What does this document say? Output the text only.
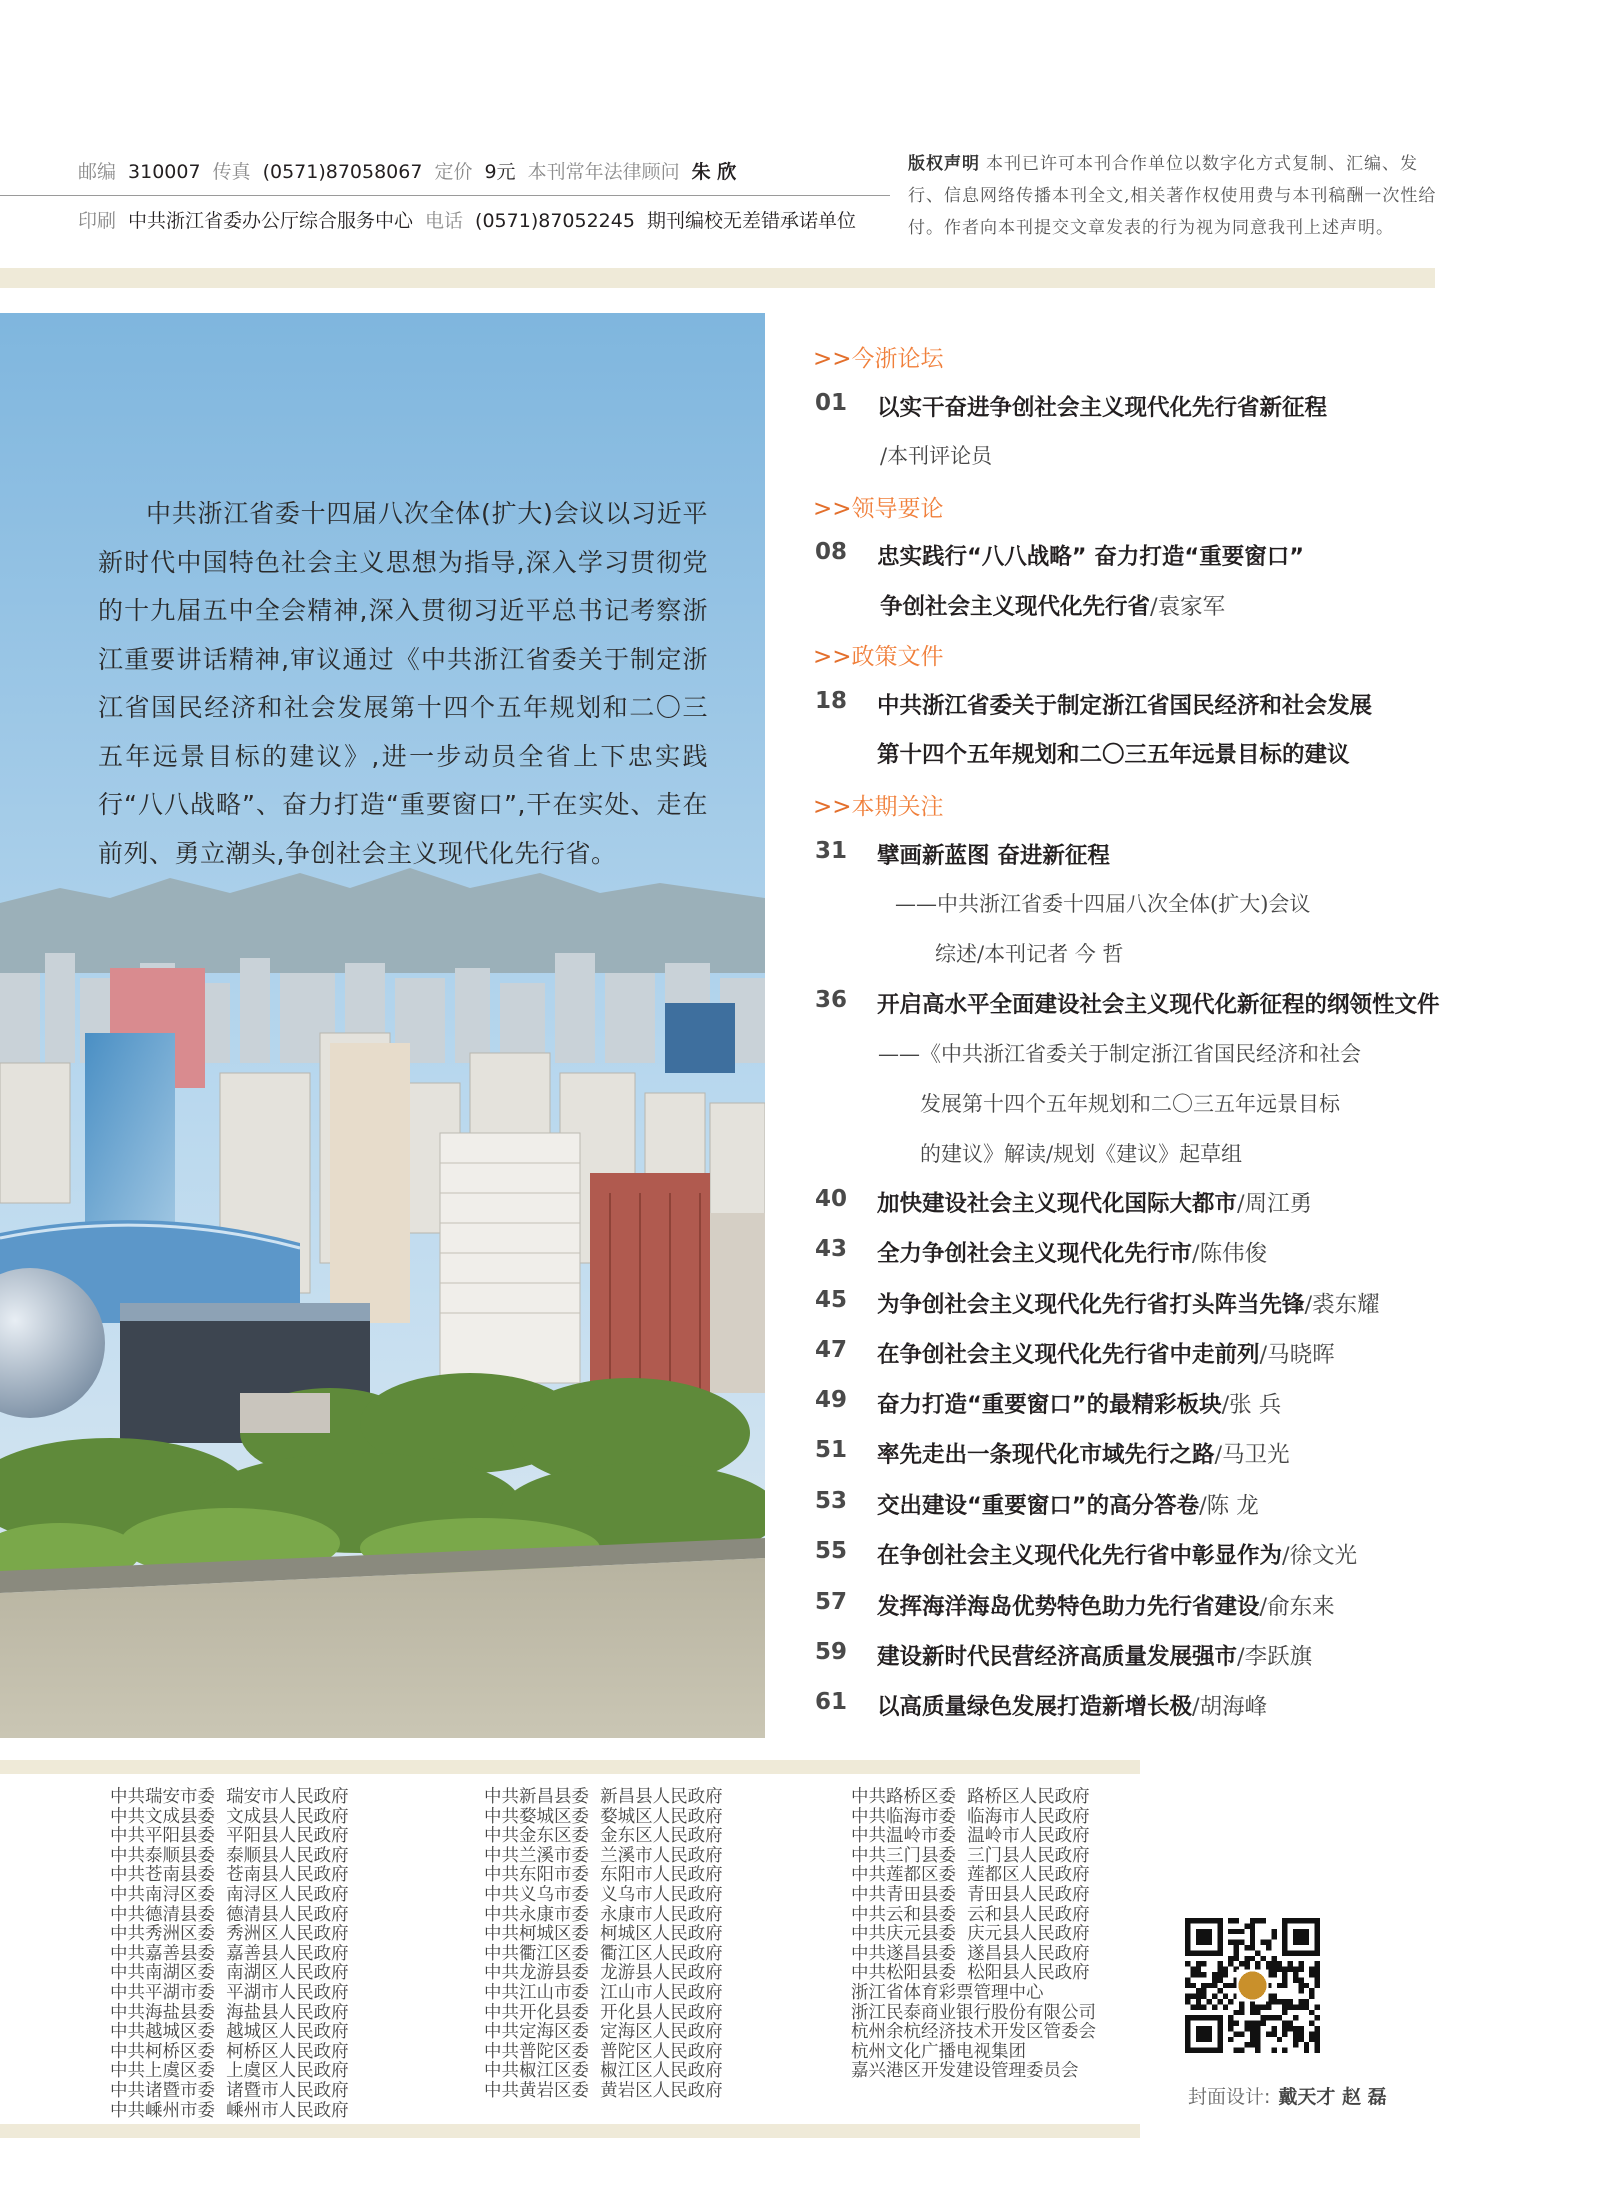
邮编 310007 传真 (0571)87058067 定价 9元 本刊常年法律顾问 朱 欣
印刷 中共浙江省委办公厅综合服务中心 电话 (0571)87052245 期刊编校无差错承诺单位
版权声明 本刊已许可本刊合作单位以数字化方式复制、汇编、发行、信息网络传播本刊全文,相关著作权使用费与本刊稿酬一次性给付。作者向本刊提交文章发表的行为视为同意我刊上述声明。
中共浙江省委十四届八次全体(扩大)会议以习近平新时代中国特色社会主义思想为指导,深入学习贯彻党的十九届五中全会精神,深入贯彻习近平总书记考察浙江重要讲话精神,审议通过《中共浙江省委关于制定浙江省国民经济和社会发展第十四个五年规划和二〇三五年远景目标的建议》,进一步动员全省上下忠实践行“八八战略”、奋力打造“重要窗口”,干在实处、走在前列、勇立潮头,争创社会主义现代化先行省。
>>今浙论坛
01 以实干奋进争创社会主义现代化先行省新征程
/本刊评论员
>>领导要论
08 忠实践行“八八战略” 奋力打造“重要窗口”
争创社会主义现代化先行省/袁家军
>>政策文件
18 中共浙江省委关于制定浙江省国民经济和社会发展
第十四个五年规划和二〇三五年远景目标的建议
>>本期关注
31 擘画新蓝图 奋进新征程
——中共浙江省委十四届八次全体(扩大)会议
综述/本刊记者 今 哲
36 开启高水平全面建设社会主义现代化新征程的纲领性文件
——《中共浙江省委关于制定浙江省国民经济和社会
发展第十四个五年规划和二〇三五年远景目标
的建议》解读/规划《建议》起草组
40 加快建设社会主义现代化国际大都市/周江勇
43 全力争创社会主义现代化先行市/陈伟俊
45 为争创社会主义现代化先行省打头阵当先锋/裘东耀
47 在争创社会主义现代化先行省中走前列/马晓晖
49 奋力打造“重要窗口”的最精彩板块/张 兵
51 率先走出一条现代化市域先行之路/马卫光
53 交出建设“重要窗口”的高分答卷/陈 龙
55 在争创社会主义现代化先行省中彰显作为/徐文光
57 发挥海洋海岛优势特色助力先行省建设/俞东来
59 建设新时代民营经济高质量发展强市/李跃旗
61 以高质量绿色发展打造新增长极/胡海峰
中共瑞安市委  瑞安市人民政府
中共文成县委  文成县人民政府
中共平阳县委  平阳县人民政府
中共泰顺县委  泰顺县人民政府
中共苍南县委  苍南县人民政府
中共南浔区委  南浔区人民政府
中共德清县委  德清县人民政府
中共秀洲区委  秀洲区人民政府
中共嘉善县委  嘉善县人民政府
中共南湖区委  南湖区人民政府
中共平湖市委  平湖市人民政府
中共海盐县委  海盐县人民政府
中共越城区委  越城区人民政府
中共柯桥区委  柯桥区人民政府
中共上虞区委  上虞区人民政府
中共诸暨市委  诸暨市人民政府
中共嵊州市委  嵊州市人民政府
中共新昌县委  新昌县人民政府
中共婺城区委  婺城区人民政府
中共金东区委  金东区人民政府
中共兰溪市委  兰溪市人民政府
中共东阳市委  东阳市人民政府
中共义乌市委  义乌市人民政府
中共永康市委  永康市人民政府
中共柯城区委  柯城区人民政府
中共衢江区委  衢江区人民政府
中共龙游县委  龙游县人民政府
中共江山市委  江山市人民政府
中共开化县委  开化县人民政府
中共定海区委  定海区人民政府
中共普陀区委  普陀区人民政府
中共椒江区委  椒江区人民政府
中共黄岩区委  黄岩区人民政府
中共路桥区委  路桥区人民政府
中共临海市委  临海市人民政府
中共温岭市委  温岭市人民政府
中共三门县委  三门县人民政府
中共莲都区委  莲都区人民政府
中共青田县委  青田县人民政府
中共云和县委  云和县人民政府
中共庆元县委  庆元县人民政府
中共遂昌县委  遂昌县人民政府
中共松阳县委  松阳县人民政府
浙江省体育彩票管理中心
浙江民泰商业银行股份有限公司
杭州余杭经济技术开发区管委会
杭州文化广播电视集团
嘉兴港区开发建设管理委员会
封面设计: 戴天才 赵 磊
